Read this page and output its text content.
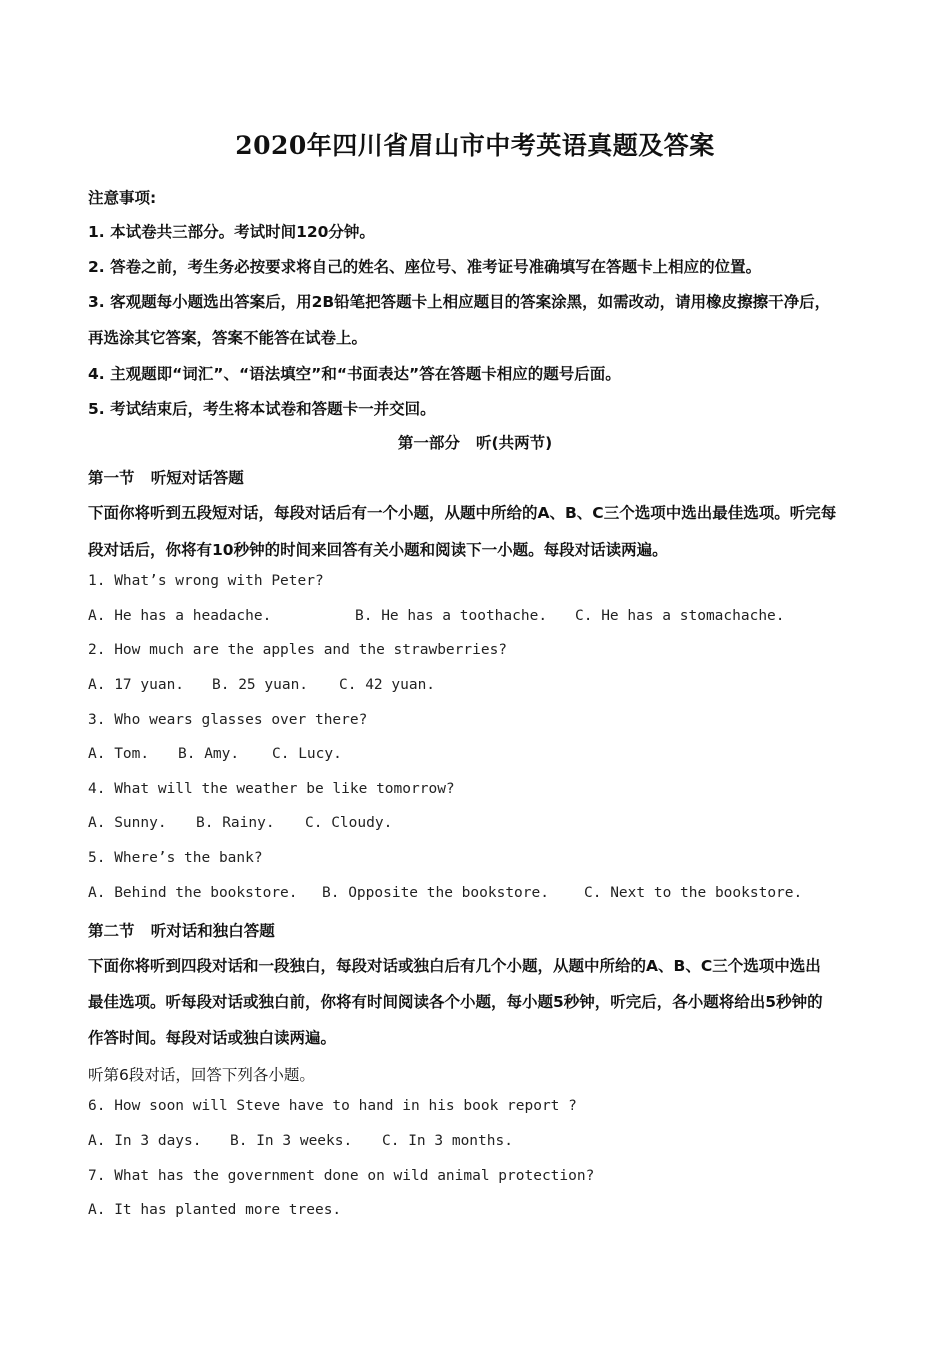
2020年四川省眉山市中考英语真题及答案
注意事项:
1. 本试卷共三部分。考试时间120分钟。
2. 答卷之前，考生务必按要求将自己的姓名、座位号、准考证号准确填写在答题卡上相应的位置。
3. 客观题每小题选出答案后，用2B铅笔把答题卡上相应题目的答案涂黑，如需改动，请用橡皮擦擦干净后，
再选涂其它答案，答案不能答在试卷上。
4. 主观题即“词汇”、“语法填空”和“书面表达”答在答题卡相应的题号后面。
5. 考试结束后，考生将本试卷和答题卡一并交回。
第一部分   听(共两节)
第一节   听短对话答题
下面你将听到五段短对话，每段对话后有一个小题，从题中所给的A、B、C三个选项中选出最佳选项。听完每
段对话后，你将有10秒钟的时间来回答有关小题和阅读下一小题。每段对话读两遍。
1. What’s wrong with Peter?
A. He has a headache.	B. He has a toothache. C. He has a stomachache.
2. How much are the apples and the strawberries?
A. 17 yuan. B. 25 yuan. C. 42 yuan.
3. Who wears glasses over there?
A. Tom. B. Amy. C. Lucy.
4. What will the weather be like tomorrow?
A. Sunny. B. Rainy. C. Cloudy.
5. Where’s the bank?
A. Behind the bookstore. B. Opposite the bookstore. C. Next to the bookstore.
第二节   听对话和独白答题
下面你将听到四段对话和一段独白，每段对话或独白后有几个小题，从题中所给的A、B、C三个选项中选出
最佳选项。听每段对话或独白前，你将有时间阅读各个小题，每小题5秒钟，听完后，各小题将给出5秒钟的
作答时间。每段对话或独白读两遍。
听第6段对话，回答下列各小题。
6. How soon will Steve have to hand in his book report ?
A. In 3 days. B. In 3 weeks. C. In 3 months.
7. What has the government done on wild animal protection?
A. It has planted more trees.
